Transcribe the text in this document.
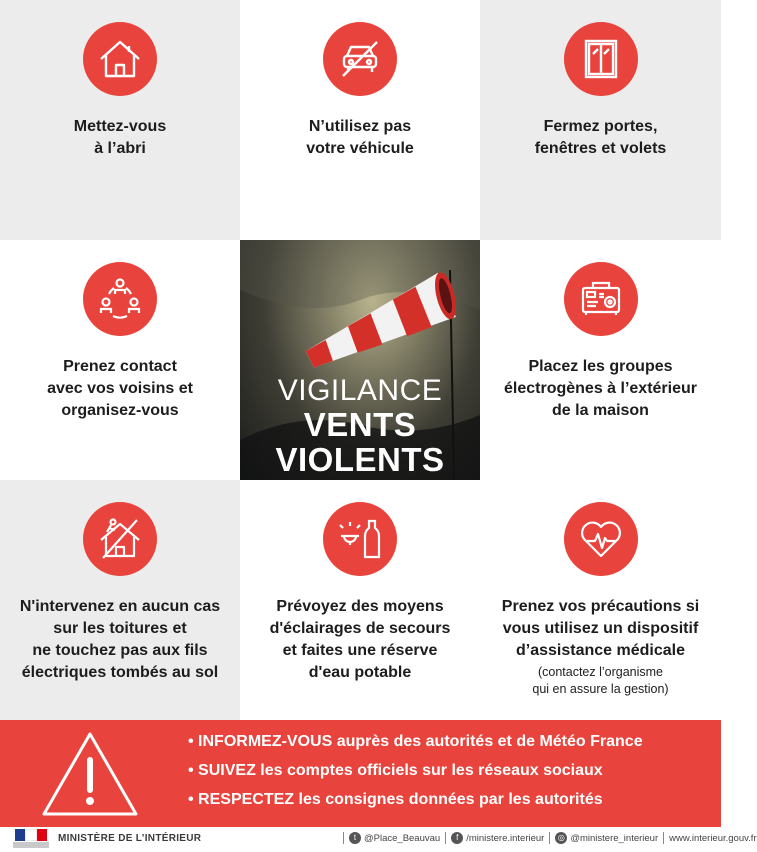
Mettez-vous
à l’abri
N’utilisez pas
votre véhicule
Fermez portes,
fenêtres et volets
Prenez contact
avec vos voisins et
organisez-vous
VIGILANCE
VENTS
VIOLENTS
Placez les groupes
électrogènes à l’extérieur
de la maison
N'intervenez en aucun cas
sur les toitures et
ne touchez pas aux fils
électriques tombés au sol
Prévoyez des moyens
d'éclairages de secours
et faites une réserve
d'eau potable
Prenez vos précautions si
vous utilisez un dispositif
d’assistance médicale
(contactez l’organisme
qui en assure la gestion)
• INFORMEZ-VOUS auprès des autorités et de Météo France
• SUIVEZ les comptes officiels sur les réseaux sociaux
• RESPECTEZ les consignes données par les autorités
MINISTÈRE DE L’INTÉRIEUR	t @Place_Beauvau	f /ministere.interieur	◎ @ministere_interieur www.interieur.gouv.fr
